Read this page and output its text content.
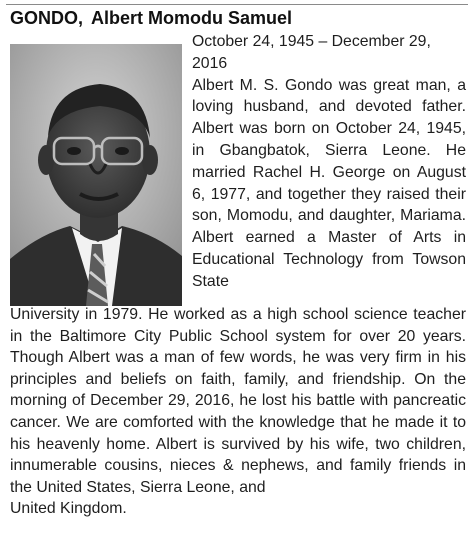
GONDO, Albert Momodu Samuel

October 24, 1945 – December 29, 2016

Albert M. S. Gondo was great man, a loving husband, and devoted father. Albert was born on October 24, 1945, in Gbangbatok, Sierra Leone. He married Rachel H. George on August 6, 1977, and together they raised their son, Momodu, and daughter, Mariama. Albert earned a Master of Arts in Educational Technology from Towson State

University in 1979. He worked as a high school science teacher in the Baltimore City Public School system for over 20 years. Though Albert was a man of few words, he was very firm in his principles and beliefs on faith, family, and friendship. On the morning of December 29, 2016, he lost his battle with pancreatic cancer. We are comforted with the knowledge that he made it to his heavenly home. Albert is survived by his wife, two children, innumerable cousins, nieces & nephews, and family friends in the United States, Sierra Leone, and
United Kingdom.
